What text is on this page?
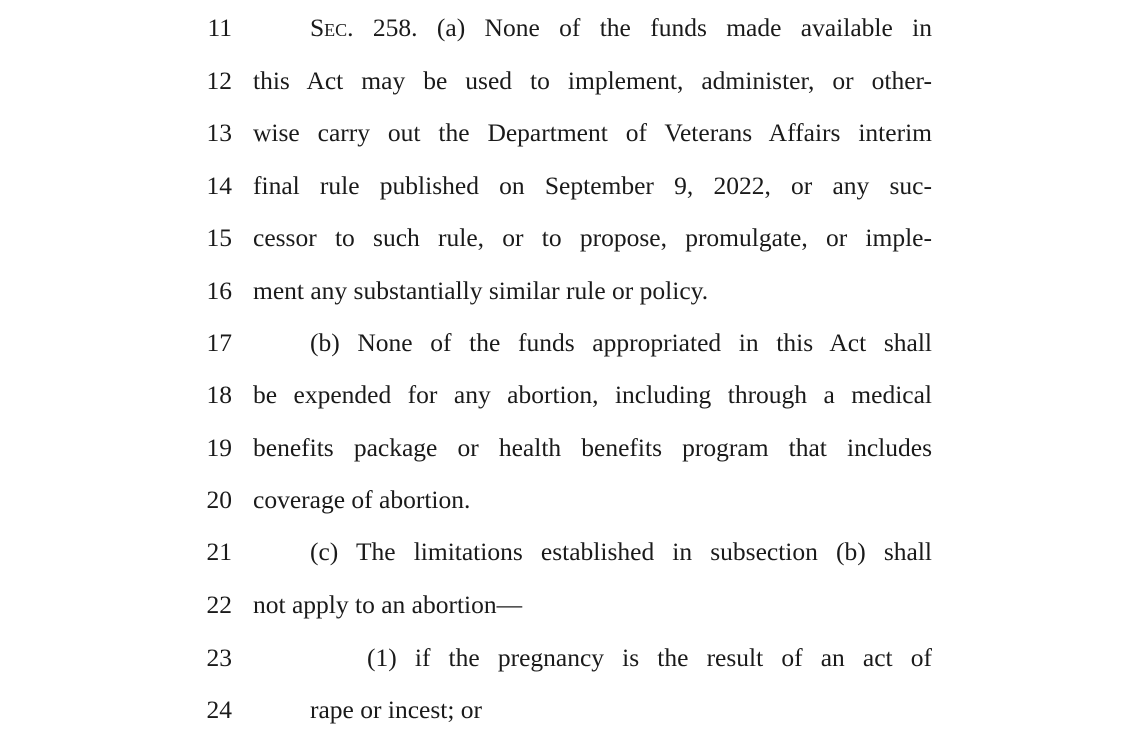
11	Sec. 258. (a) None of the funds made available in
12 this Act may be used to implement, administer, or other-
13 wise carry out the Department of Veterans Affairs interim
14 final rule published on September 9, 2022, or any suc-
15 cessor to such rule, or to propose, promulgate, or imple-
16 ment any substantially similar rule or policy.
17	(b) None of the funds appropriated in this Act shall
18 be expended for any abortion, including through a medical
19 benefits package or health benefits program that includes
20 coverage of abortion.
21	(c) The limitations established in subsection (b) shall
22 not apply to an abortion—
23	(1) if the pregnancy is the result of an act of
24	rape or incest; or
